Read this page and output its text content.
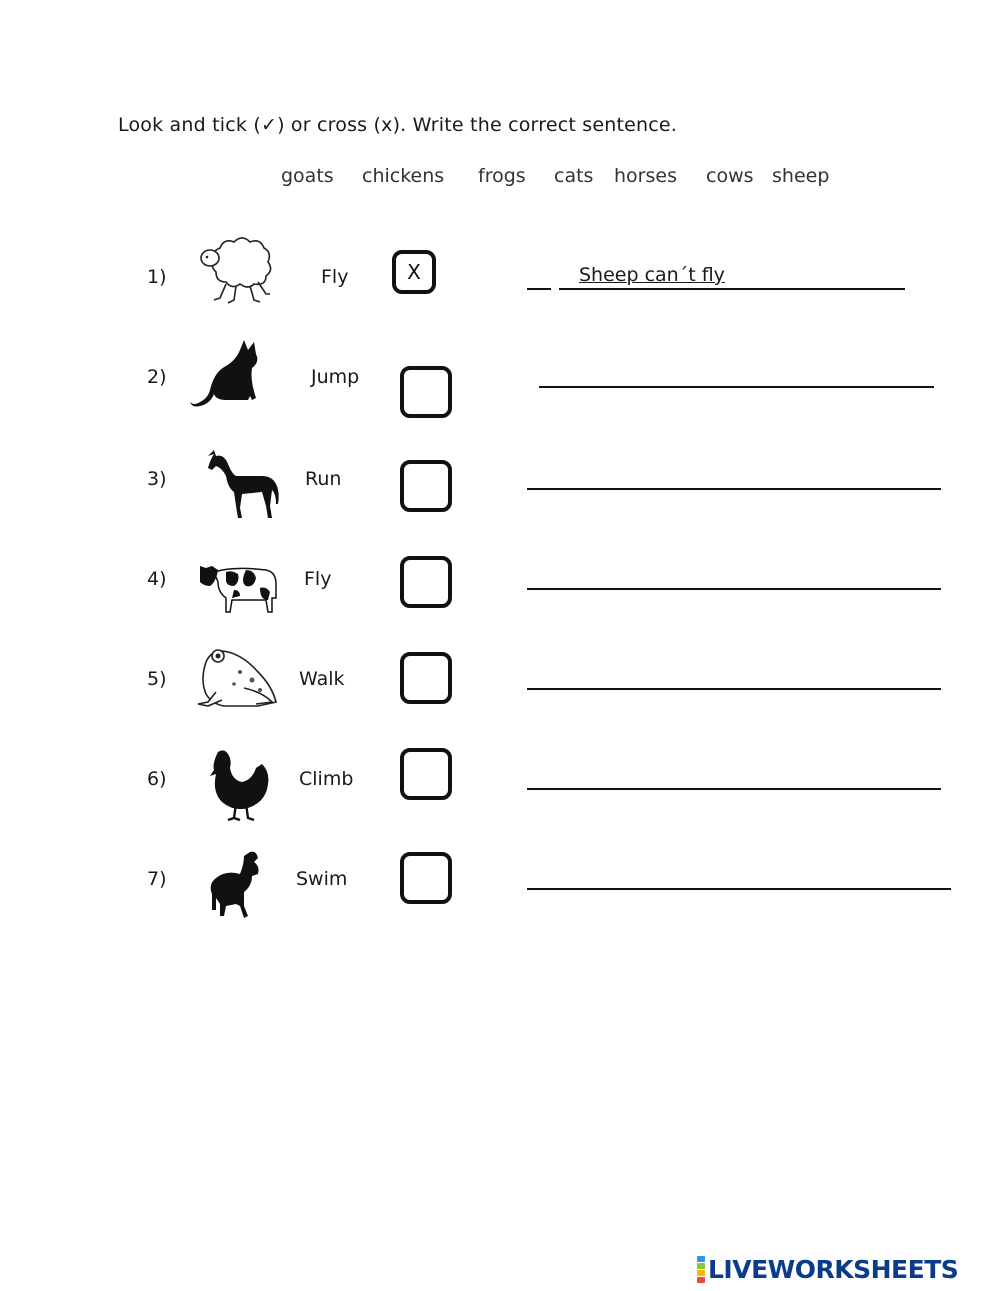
Look and tick (✓) or cross (x). Write the correct sentence.
goats chickens frogs cats horses cows sheep
1)	Fly	X	Sheep can´t fly
2)	Jump
3)	Run
4)	Fly
5)	Walk
6)	Climb
7)	Swim
LIVEWORKSHEETS
